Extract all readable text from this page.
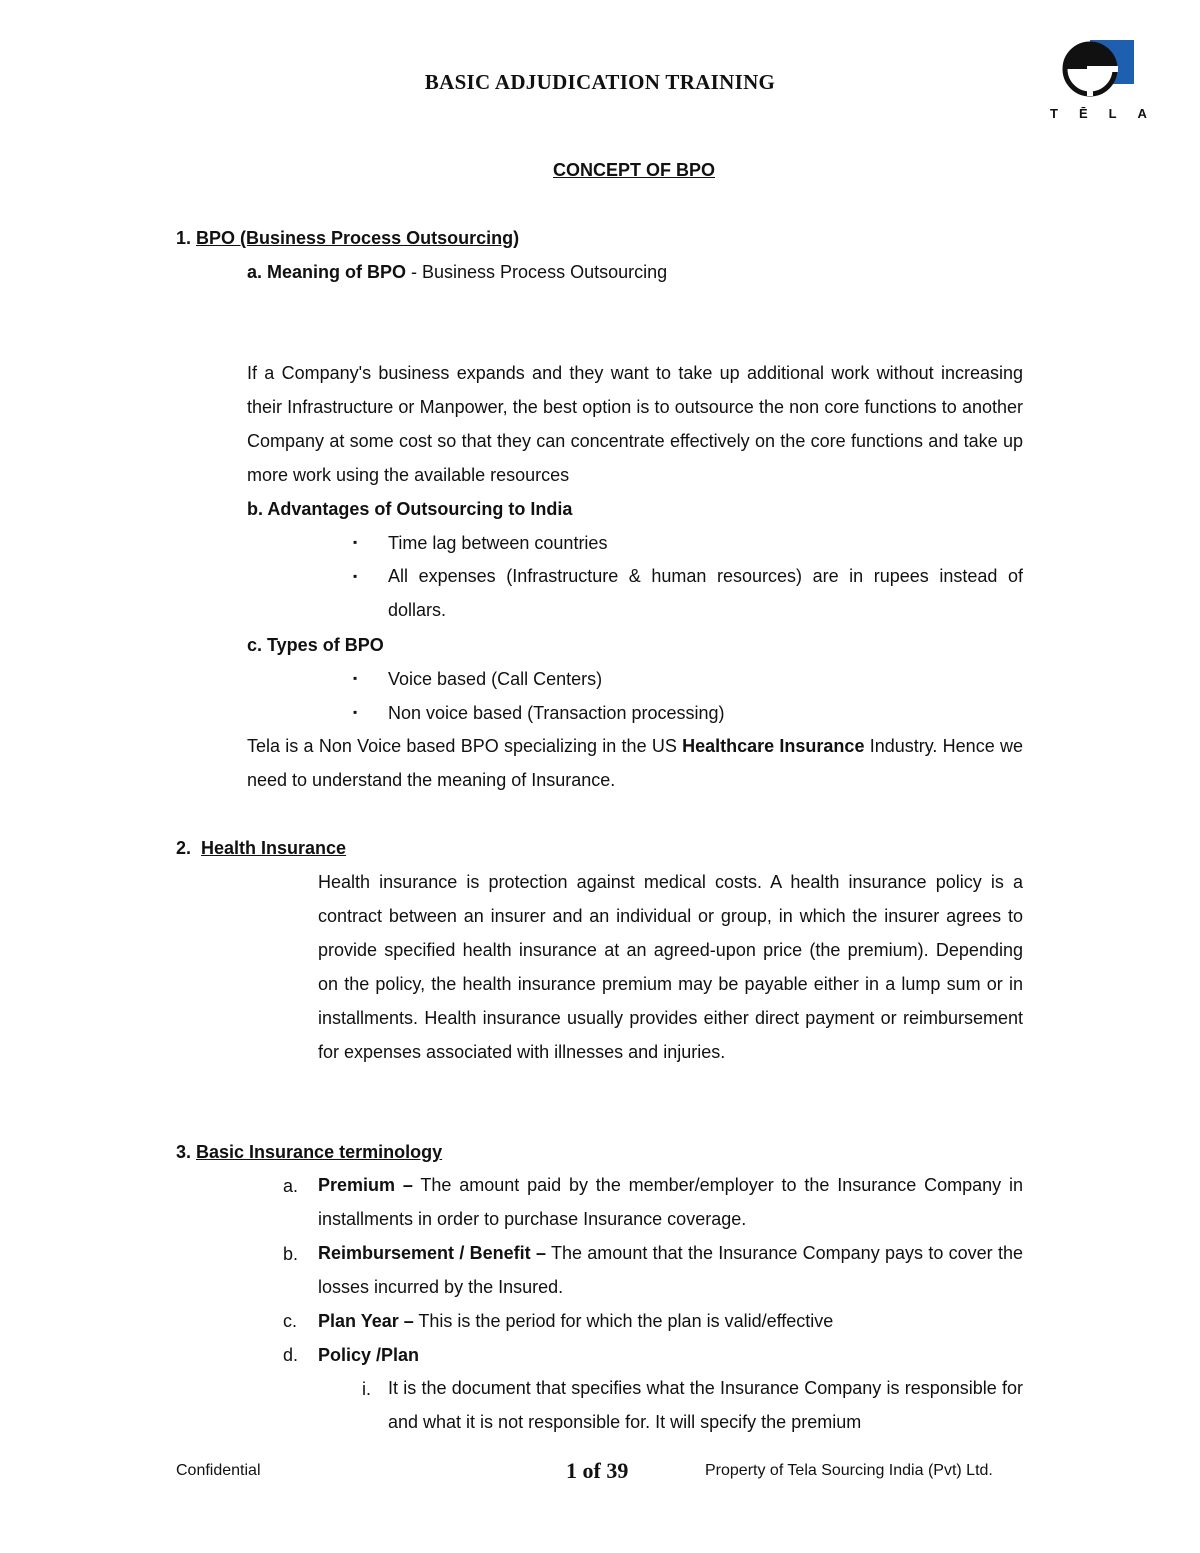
BASIC ADJUDICATION TRAINING
TĒLA
CONCEPT OF BPO
1. BPO (Business Process Outsourcing)
a. Meaning of BPO - Business Process Outsourcing
If a Company's business expands and they want to take up additional work without increasing their Infrastructure or Manpower, the best option is to outsource the non core functions to another Company at some cost so that they can concentrate effectively on the core functions and take up more work using the available resources
b. Advantages of Outsourcing to India
▪ Time lag between countries
▪ All expenses (Infrastructure & human resources) are in rupees instead of dollars.
c. Types of BPO
▪ Voice based (Call Centers)
▪ Non voice based (Transaction processing)
Tela is a Non Voice based BPO specializing in the US Healthcare Insurance Industry. Hence we need to understand the meaning of Insurance.
2. Health Insurance
Health insurance is protection against medical costs. A health insurance policy is a contract between an insurer and an individual or group, in which the insurer agrees to provide specified health insurance at an agreed-upon price (the premium). Depending on the policy, the health insurance premium may be payable either in a lump sum or in installments. Health insurance usually provides either direct payment or reimbursement for expenses associated with illnesses and injuries.
3. Basic Insurance terminology
a. Premium – The amount paid by the member/employer to the Insurance Company in installments in order to purchase Insurance coverage.
b. Reimbursement / Benefit – The amount that the Insurance Company pays to cover the losses incurred by the Insured.
c. Plan Year – This is the period for which the plan is valid/effective
d. Policy /Plan
i. It is the document that specifies what the Insurance Company is responsible for and what it is not responsible for. It will specify the premium
Confidential	1 of 39	Property of Tela Sourcing India (Pvt) Ltd.
